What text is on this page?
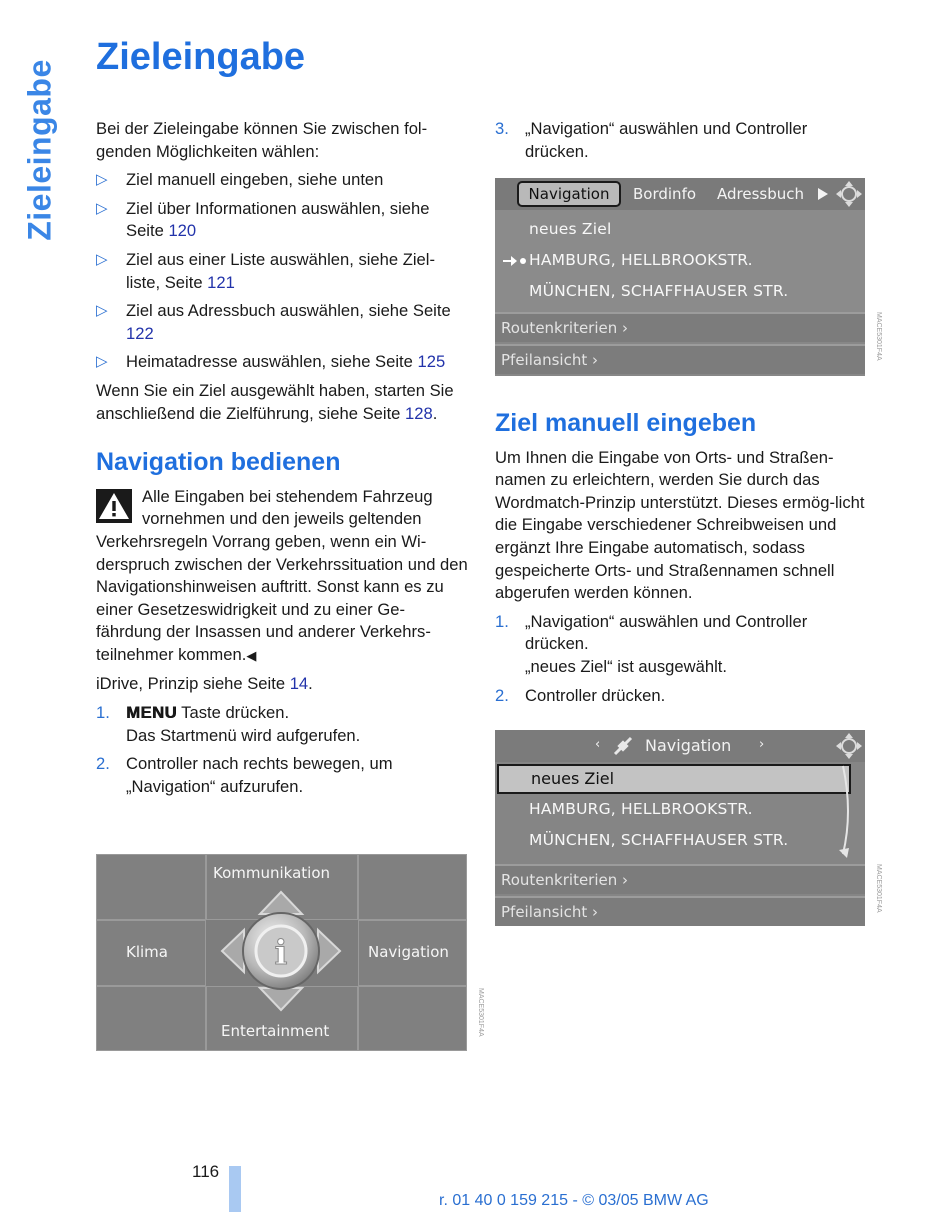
Zieleingabe
Zieleingabe

Bei der Zieleingabe können Sie zwischen fol-genden Möglichkeiten wählen:

▷ Ziel manuell eingeben, siehe unten
▷ Ziel über Informationen auswählen, siehe Seite 120
▷ Ziel aus einer Liste auswählen, siehe Ziel-liste, Seite 121
▷ Ziel aus Adressbuch auswählen, siehe Seite 122
▷ Heimatadresse auswählen, siehe Seite 125

Wenn Sie ein Ziel ausgewählt haben, starten Sie anschließend die Zielführung, siehe Seite 128.

Navigation bedienen

Alle Eingaben bei stehendem Fahrzeug vornehmen und den jeweils geltenden Verkehrsregeln Vorrang geben, wenn ein Wi-derspruch zwischen der Verkehrssituation und den Navigationshinweisen auftritt. Sonst kann es zu einer Gesetzeswidrigkeit und zu einer Ge-fährdung der Insassen und anderer Verkehrs-teilnehmer kommen.◀

iDrive, Prinzip siehe Seite 14.

1. MENU Taste drücken.
Das Startmenü wird aufgerufen.
2. Controller nach rechts bewegen, um „Navigation“ aufzurufen.
i
Kommunikation
Klima	Navigation
Entertainment	MACE5301F4A
3. „Navigation“ auswählen und Controller drücken.
Navigation	Bordinfo Adressbuch
neues Ziel
HAMBURG, HELLBROOKSTR.
MÜNCHEN, SCHAFFHAUSER STR.
Routenkriterien ›
Pfeilansicht ›	MACE5301F4A
Ziel manuell eingeben

Um Ihnen die Eingabe von Orts- und Straßen-namen zu erleichtern, werden Sie durch das Wordmatch-Prinzip unterstützt. Dieses ermög-licht die Eingabe verschiedener Schreibweisen und ergänzt Ihre Eingabe automatisch, sodass gespeicherte Orts- und Straßennamen schnell abgerufen werden können.

1. „Navigation“ auswählen und Controller drücken.
„neues Ziel“ ist ausgewählt.
2. Controller drücken.
‹	Navigation ›
neues Ziel
HAMBURG, HELLBROOKSTR.
MÜNCHEN, SCHAFFHAUSER STR.
Routenkriterien ›
Pfeilansicht ›	MACE5301F4A
116
r. 01 40 0 159 215 - © 03/05 BMW AG
